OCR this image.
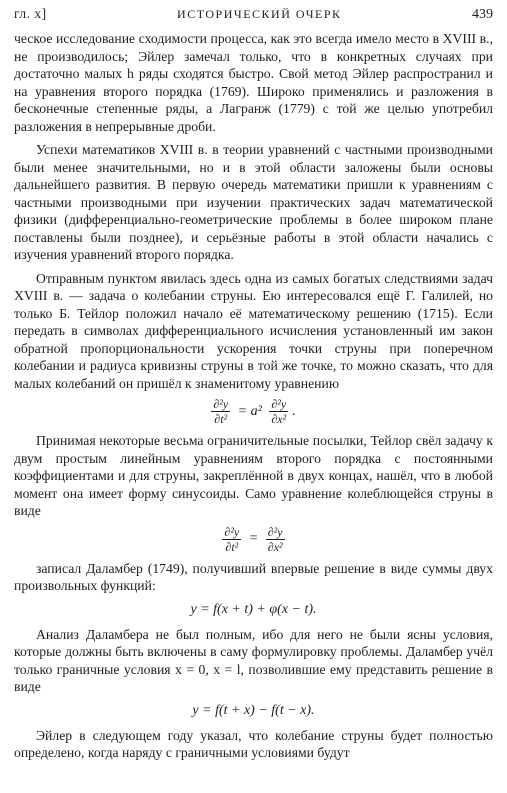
гл. x]	ИСТОРИЧЕСКИЙ ОЧЕРК	439

ческое исследование сходимости процесса, как это всегда имело место в XVIII в., не производилось; Эйлер замечал только, что в конкретных случаях при достаточно малых h ряды сходятся быстро. Свой метод Эйлер распространил и на уравнения второго порядка (1769). Широко применялись и разложения в бесконечные степенные ряды, а Лагранж (1779) с той же целью употребил разложения в непрерывные дроби.

Успехи математиков XVIII в. в теории уравнений с частными производными были менее значительными, но и в этой области заложены были основы дальнейшего развития. В первую очередь математики пришли к уравнениям с частными производными при изучении практических задач математической физики (дифференциально-геометрические проблемы в более широком плане поставлены были позднее), и серьёзные работы в этой области начались с изучения уравнений второго порядка.

Отправным пунктом явилась здесь одна из самых богатых следствиями задач XVIII в. — задача о колебании струны. Ею интересовался ещё Г. Галилей, но только Б. Тейлор положил начало её математическому решению (1715). Если передать в символах дифференциального исчисления установленный им закон обратной пропорциональности ускорения точки струны при поперечном колебании и радиуса кривизны струны в той же точке, то можно сказать, что для малых колебаний он пришёл к знаменитому уравнению

$\frac{\text{∂²y}}{\text{∂t²}} = a^2 \frac{\text{∂²y}}{\text{∂x²}}$ .

Принимая некоторые весьма ограничительные посылки, Тейлор свёл задачу к двум простым линейным уравнениям второго порядка с постоянными коэффициентами и для струны, закреплённой в двух концах, нашёл, что в любой момент она имеет форму синусоиды. Само уравнение колеблющейся струны в виде

$\frac{\text{∂²y}}{\text{∂t²}} = \frac{\text{∂²y}}{\text{∂x²}}$

записал Даламбер (1749), получивший впервые решение в виде суммы двух произвольных функций:

y = f(x + t) + φ(x − t).

Анализ Даламбера не был полным, ибо для него не были ясны условия, которые должны быть включены в саму формулировку проблемы. Даламбер учёл только граничные условия x = 0, x = l, позволившие ему представить решение в виде

y = f(t + x) − f(t − x).

Эйлер в следующем году указал, что колебание струны будет полностью определено, когда наряду с граничными условиями будут
